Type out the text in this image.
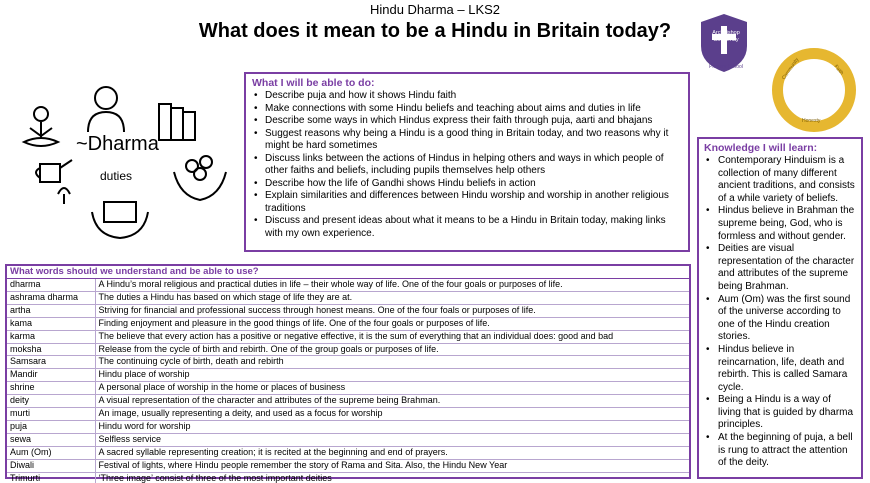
Hindu Dharma – LKS2
What does it mean to be a Hindu in Britain today?	Archbishop
Courtenay
Primary School	Community	Faith
Honesty
~Dharma
duties
What I will be able to do:
• Describe puja and how it shows Hindu faith
• Make connections with some Hindu beliefs and teaching about aims and duties in life
• Describe some ways in which Hindus express their faith through puja, aarti and bhajans
• Suggest reasons why being a Hindu is a good thing in Britain today, and two reasons why it might be hard sometimes
• Discuss links between the actions of Hindus in helping others and ways in which people of other faiths and beliefs, including pupils themselves help others
• Describe how the life of Gandhi shows Hindu beliefs in action
• Explain similarities and differences between Hindu worship and worship in another religious traditions
• Discuss and present ideas about what it means to be a Hindu in Britain today, making links with my own experience.
Knowledge I will learn:
• Contemporary Hinduism is a collection of many different ancient traditions, and consists of a while variety of beliefs.
• Hindus believe in Brahman the supreme being, God, who is formless and without gender.
• Deities are visual representation of the character and attributes of the supreme being Brahman.
• Aum (Om) was the first sound of the universe according to one of the Hindu creation stories.
• Hindus believe in reincarnation, life, death and rebirth. This is called Samara cycle.
• Being a Hindu is a way of living that is guided by dharma principles.
• At the beginning of puja, a bell is rung to attract the attention of the deity.
What words should we understand and be able to use?
dharma	A Hindu’s moral religious and practical duties in life – their whole way of life. One of the four goals or purposes of life.
ashrama dharma	The duties a Hindu has based on which stage of life they are at.
artha	Striving for financial and professional success through honest means. One of the four foals or purposes of life.
kama	Finding enjoyment and pleasure in the good things of life. One of the four goals or purposes of life.
karma	The believe that every action has a positive or negative effective, it is the sum of everything that an individual does: good and bad
moksha	Release from the cycle of birth and rebirth. One of the group goals or purposes of life.
Samsara	The continuing cycle of birth, death and rebirth
Mandir	Hindu place of worship
shrine	A personal place of worship in the home or places of business
deity	A visual representation of the character and attributes of the supreme being Brahman.
murti	An image, usually representing a deity, and used as a focus for worship
puja	Hindu word for worship
sewa	Selfless service
Aum (Om)	A sacred syllable representing creation; it is recited at the beginning and end of prayers.
Diwali	Festival of lights, where Hindu people remember the story of Rama and Sita. Also, the Hindu New Year
Trimurti	‘Three image’ consist of three of the most important deities
